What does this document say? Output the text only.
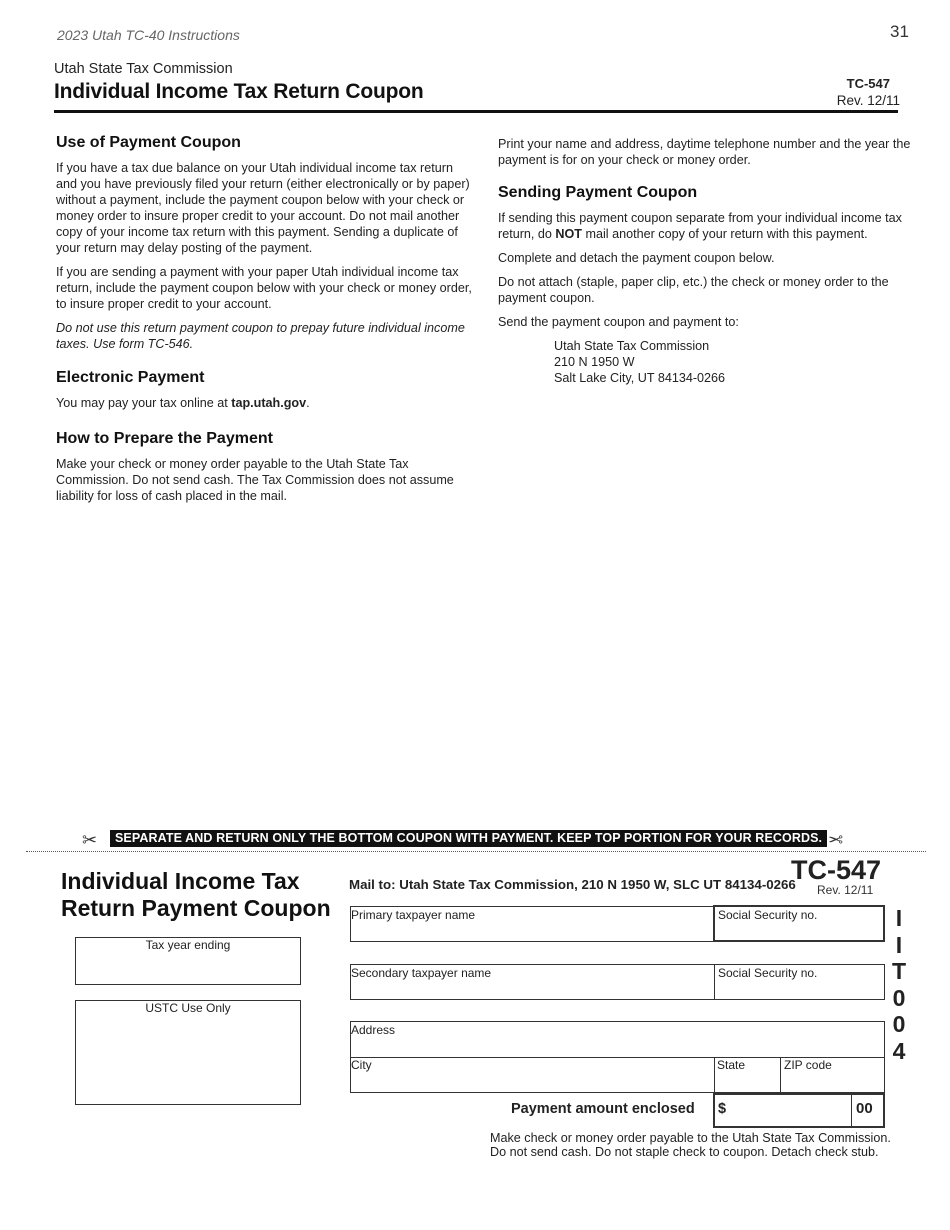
2023 Utah TC-40 Instructions	31
Utah State Tax Commission
Individual Income Tax Return Coupon	TC-547
Rev. 12/11
Use of Payment Coupon

If you have a tax due balance on your Utah individual income tax return and you have previously filed your return (either electronically or by paper) without a payment, include the payment coupon below with your check or money order to insure proper credit to your account. Do not mail another copy of your income tax return with this payment. Sending a duplicate of your return may delay posting of the payment.

If you are sending a payment with your paper Utah individual income tax return, include the payment coupon below with your check or money order, to insure proper credit to your account.

Do not use this return payment coupon to prepay future individual income taxes. Use form TC-546.

Electronic Payment

You may pay your tax online at tap.utah.gov.

How to Prepare the Payment

Make your check or money order payable to the Utah State Tax Commission. Do not send cash. The Tax Commission does not assume liability for loss of cash placed in the mail.

Print your name and address, daytime telephone number and the year the payment is for on your check or money order.

Sending Payment Coupon

If sending this payment coupon separate from your individual income tax return, do NOT mail another copy of your return with this payment.

Complete and detach the payment coupon below.

Do not attach (staple, paper clip, etc.) the check or money order to the payment coupon.

Send the payment coupon and payment to:

Utah State Tax Commission
210 N 1950 W
Salt Lake City, UT 84134-0266
✂	SEPARATE AND RETURN ONLY THE BOTTOM COUPON WITH PAYMENT. KEEP TOP PORTION FOR YOUR RECORDS. ✂
Individual Income Tax
Return Payment Coupon
Mail to: Utah State Tax Commission, 210 N 1950 W, SLC UT 84134-0266
TC-547
Rev. 12/11
Tax year ending
USTC Use Only
Primary taxpayer name	Social Security no.
Secondary taxpayer name	Social Security no.
Address
City	State	ZIP code
I
I
T
0
0
4
Payment amount enclosed $	00
Make check or money order payable to the Utah State Tax Commission.
Do not send cash. Do not staple check to coupon. Detach check stub.
